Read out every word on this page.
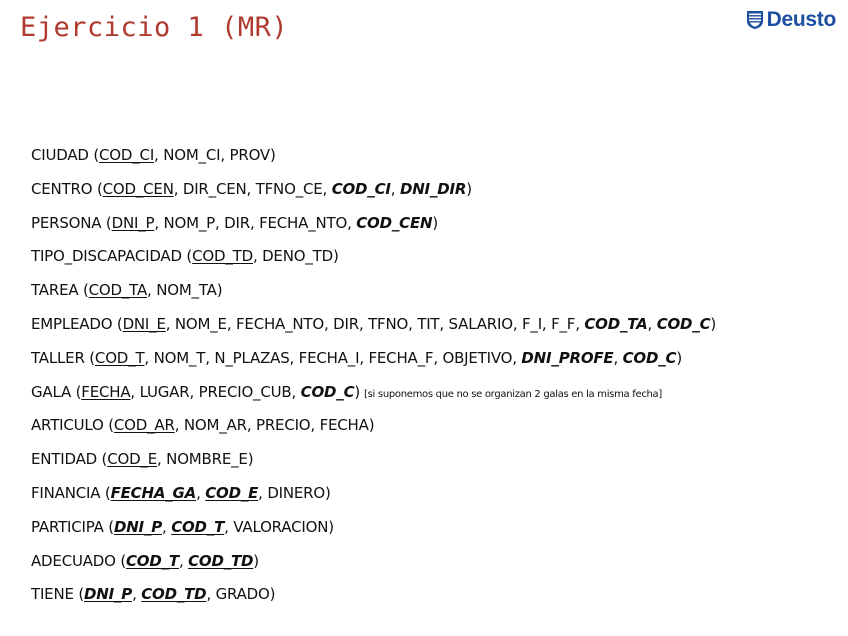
Ejercicio 1 (MR)	Deusto
CIUDAD (COD_CI, NOM_CI, PROV)
CENTRO (COD_CEN, DIR_CEN, TFNO_CE, COD_CI, DNI_DIR)
PERSONA (DNI_P, NOM_P, DIR, FECHA_NTO, COD_CEN)
TIPO_DISCAPACIDAD (COD_TD, DENO_TD)
TAREA (COD_TA, NOM_TA)
EMPLEADO (DNI_E, NOM_E, FECHA_NTO, DIR, TFNO, TIT, SALARIO, F_I, F_F, COD_TA, COD_C)
TALLER (COD_T, NOM_T, N_PLAZAS, FECHA_I, FECHA_F, OBJETIVO, DNI_PROFE, COD_C)
GALA (FECHA, LUGAR, PRECIO_CUB, COD_C) [si suponemos que no se organizan 2 galas en la misma fecha]
ARTICULO (COD_AR, NOM_AR, PRECIO, FECHA)
ENTIDAD (COD_E, NOMBRE_E)
FINANCIA (FECHA_GA, COD_E, DINERO)
PARTICIPA (DNI_P, COD_T, VALORACION)
ADECUADO (COD_T, COD_TD)
TIENE (DNI_P, COD_TD, GRADO)
